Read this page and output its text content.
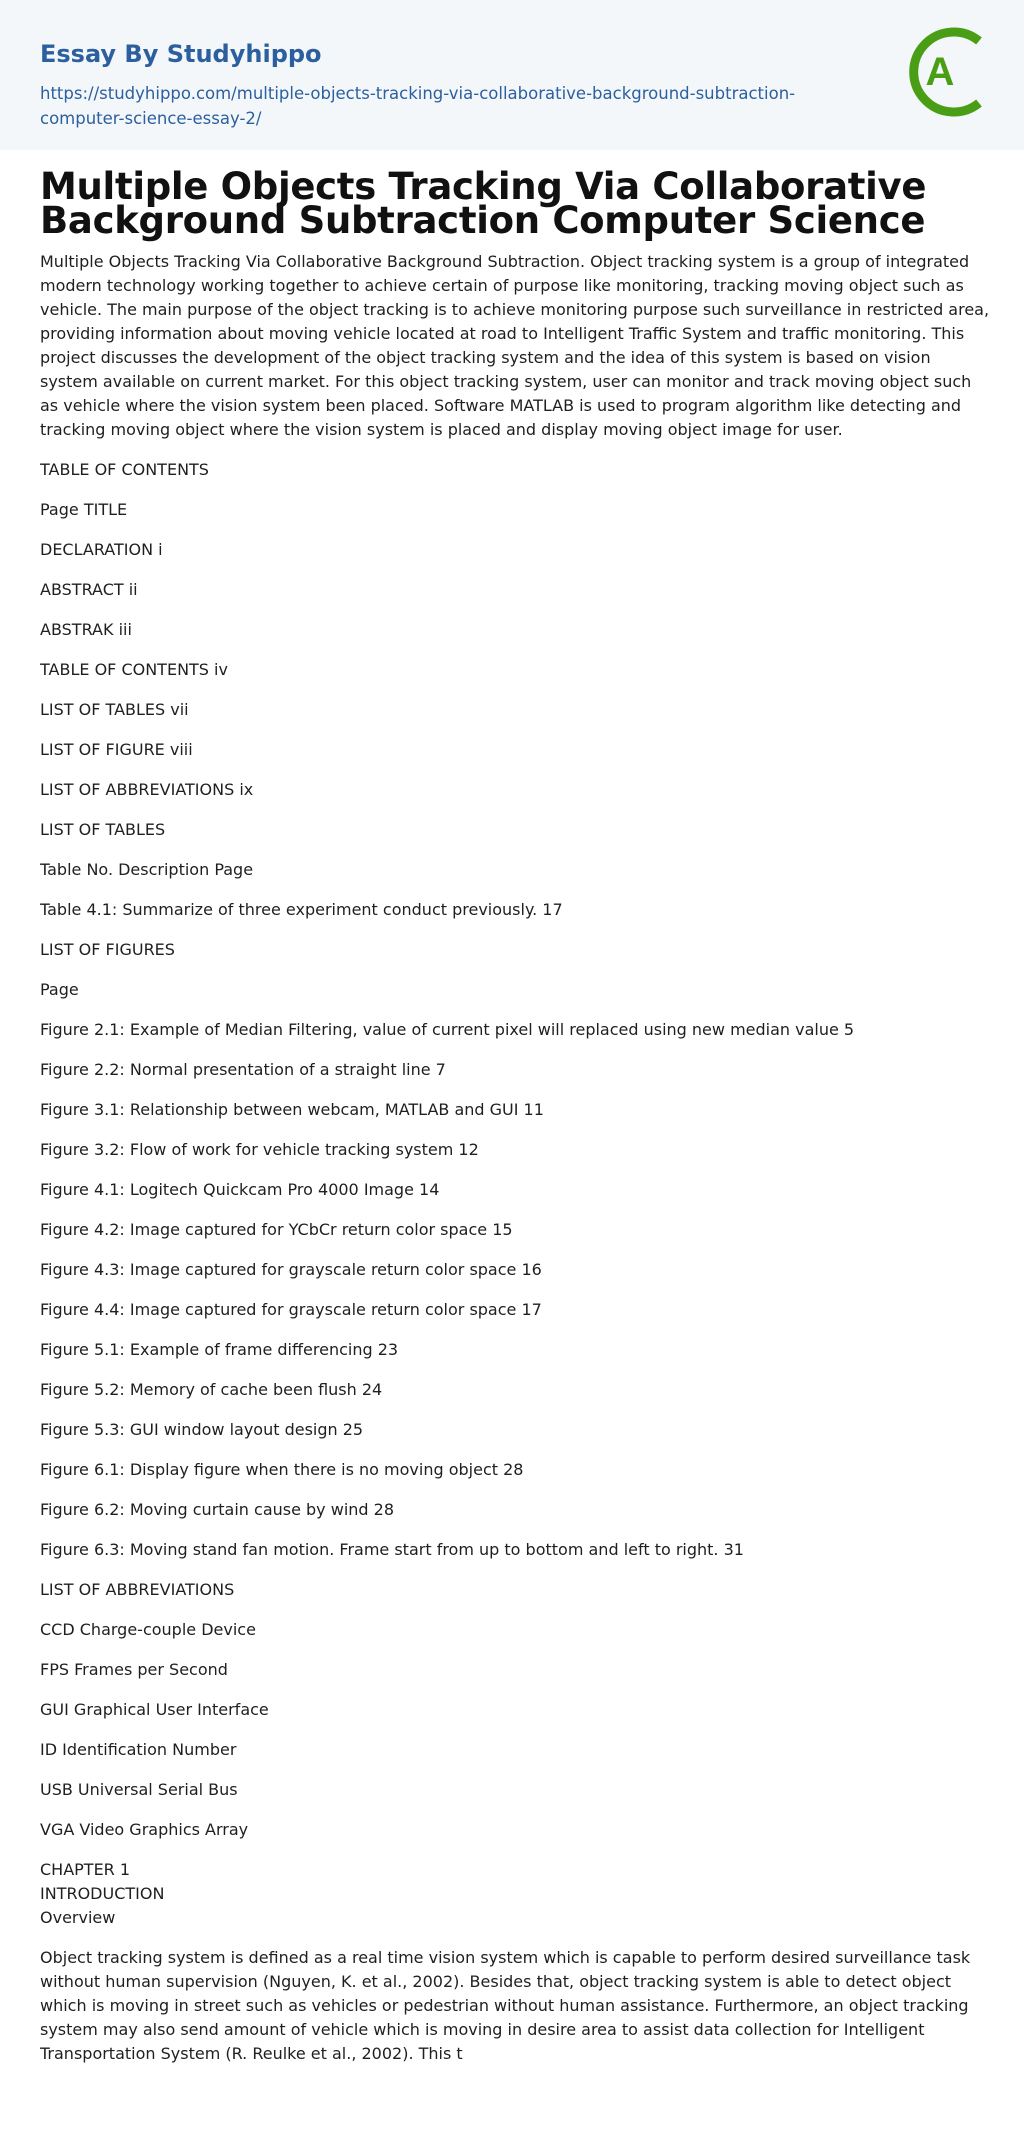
Essay By Studyhippo
https://studyhippo.com/multiple-objects-tracking-via-collaborative-background-subtraction-computer-science-essay-2/
A
Multiple Objects Tracking Via Collaborative Background Subtraction Computer Science

Multiple Objects Tracking Via Collaborative Background Subtraction. Object tracking system is a group of integrated modern technology working together to achieve certain of purpose like monitoring, tracking moving object such as vehicle. The main purpose of the object tracking is to achieve monitoring purpose such surveillance in restricted area, providing information about moving vehicle located at road to Intelligent Traffic System and traffic monitoring. This project discusses the development of the object tracking system and the idea of this system is based on vision system available on current market. For this object tracking system, user can monitor and track moving object such as vehicle where the vision system been placed. Software MATLAB is used to program algorithm like detecting and tracking moving object where the vision system is placed and display moving object image for user.

TABLE OF CONTENTS
Page TITLE
DECLARATION i
ABSTRACT ii
ABSTRAK iii
TABLE OF CONTENTS iv
LIST OF TABLES vii
LIST OF FIGURE viii
LIST OF ABBREVIATIONS ix
LIST OF TABLES
Table No. Description Page
Table 4.1: Summarize of three experiment conduct previously. 17
LIST OF FIGURES
Page
Figure 2.1: Example of Median Filtering, value of current pixel will replaced using new median value 5
Figure 2.2: Normal presentation of a straight line 7
Figure 3.1: Relationship between webcam, MATLAB and GUI 11
Figure 3.2: Flow of work for vehicle tracking system 12
Figure 4.1: Logitech Quickcam Pro 4000 Image 14
Figure 4.2: Image captured for YCbCr return color space 15
Figure 4.3: Image captured for grayscale return color space 16
Figure 4.4: Image captured for grayscale return color space 17
Figure 5.1: Example of frame differencing 23
Figure 5.2: Memory of cache been flush 24
Figure 5.3: GUI window layout design 25
Figure 6.1: Display figure when there is no moving object 28
Figure 6.2: Moving curtain cause by wind 28
Figure 6.3: Moving stand fan motion. Frame start from up to bottom and left to right. 31
LIST OF ABBREVIATIONS
CCD Charge-couple Device
FPS Frames per Second
GUI Graphical User Interface
ID Identification Number
USB Universal Serial Bus
VGA Video Graphics Array
CHAPTER 1
INTRODUCTION
Overview

Object tracking system is defined as a real time vision system which is capable to perform desired surveillance task without human supervision (Nguyen, K. et al., 2002). Besides that, object tracking system is able to detect object which is moving in street such as vehicles or pedestrian without human assistance. Furthermore, an object tracking system may also send amount of vehicle which is moving in desire area to assist data collection for Intelligent Transportation System (R. Reulke et al., 2002). This t
